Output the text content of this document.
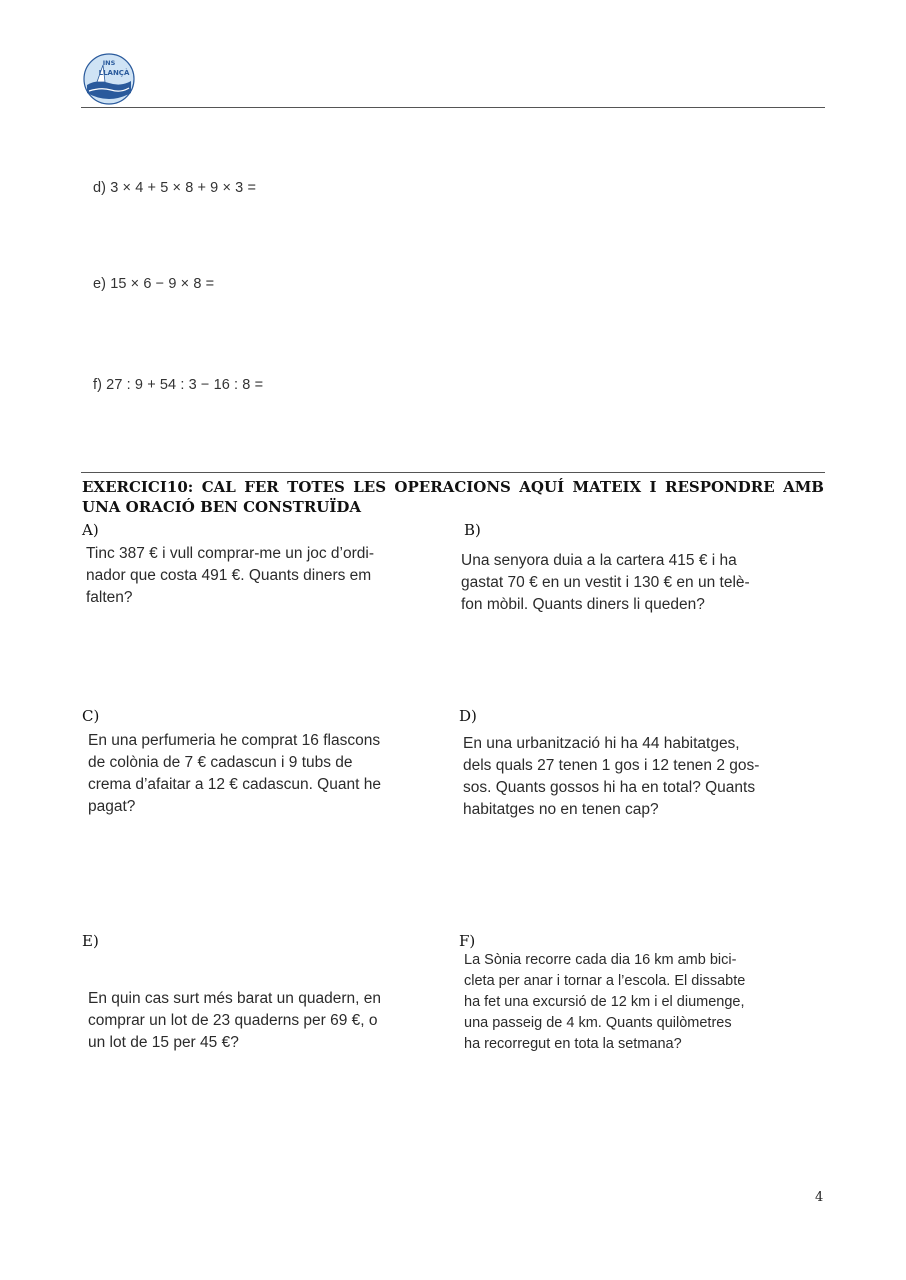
INS
LLANÇÀ
d) 3 × 4 + 5 × 8 + 9 × 3 =
e) 15 × 6 − 9 × 8 =
f) 27 : 9 + 54 : 3 − 16 : 8 =
EXERCICI10: CAL FER TOTES LES OPERACIONS AQUÍ MATEIX I RESPONDRE AMB UNA ORACIÓ BEN CONSTRUÏDA
A)
Tinc 387 € i vull comprar-me un joc d’ordi-
nador que costa 491 €. Quants diners em
falten?
B)
Una senyora duia a la cartera 415 € i ha
gastat 70 € en un vestit i 130 € en un telè-
fon mòbil. Quants diners li queden?
C)
En una perfumeria he comprat 16 flascons
de colònia de 7 € cadascun i 9 tubs de
crema d’afaitar a 12 € cadascun. Quant he
pagat?
D)
En una urbanització hi ha 44 habitatges,
dels quals 27 tenen 1 gos i 12 tenen 2 gos-
sos. Quants gossos hi ha en total? Quants
habitatges no en tenen cap?
E)
En quin cas surt més barat un quadern, en
comprar un lot de 23 quaderns per 69 €, o
un lot de 15 per 45 €?
F)
La Sònia recorre cada dia 16 km amb bici-
cleta per anar i tornar a l’escola. El dissabte
ha fet una excursió de 12 km i el diumenge,
una passeig de 4 km. Quants quilòmetres
ha recorregut en tota la setmana?
4
